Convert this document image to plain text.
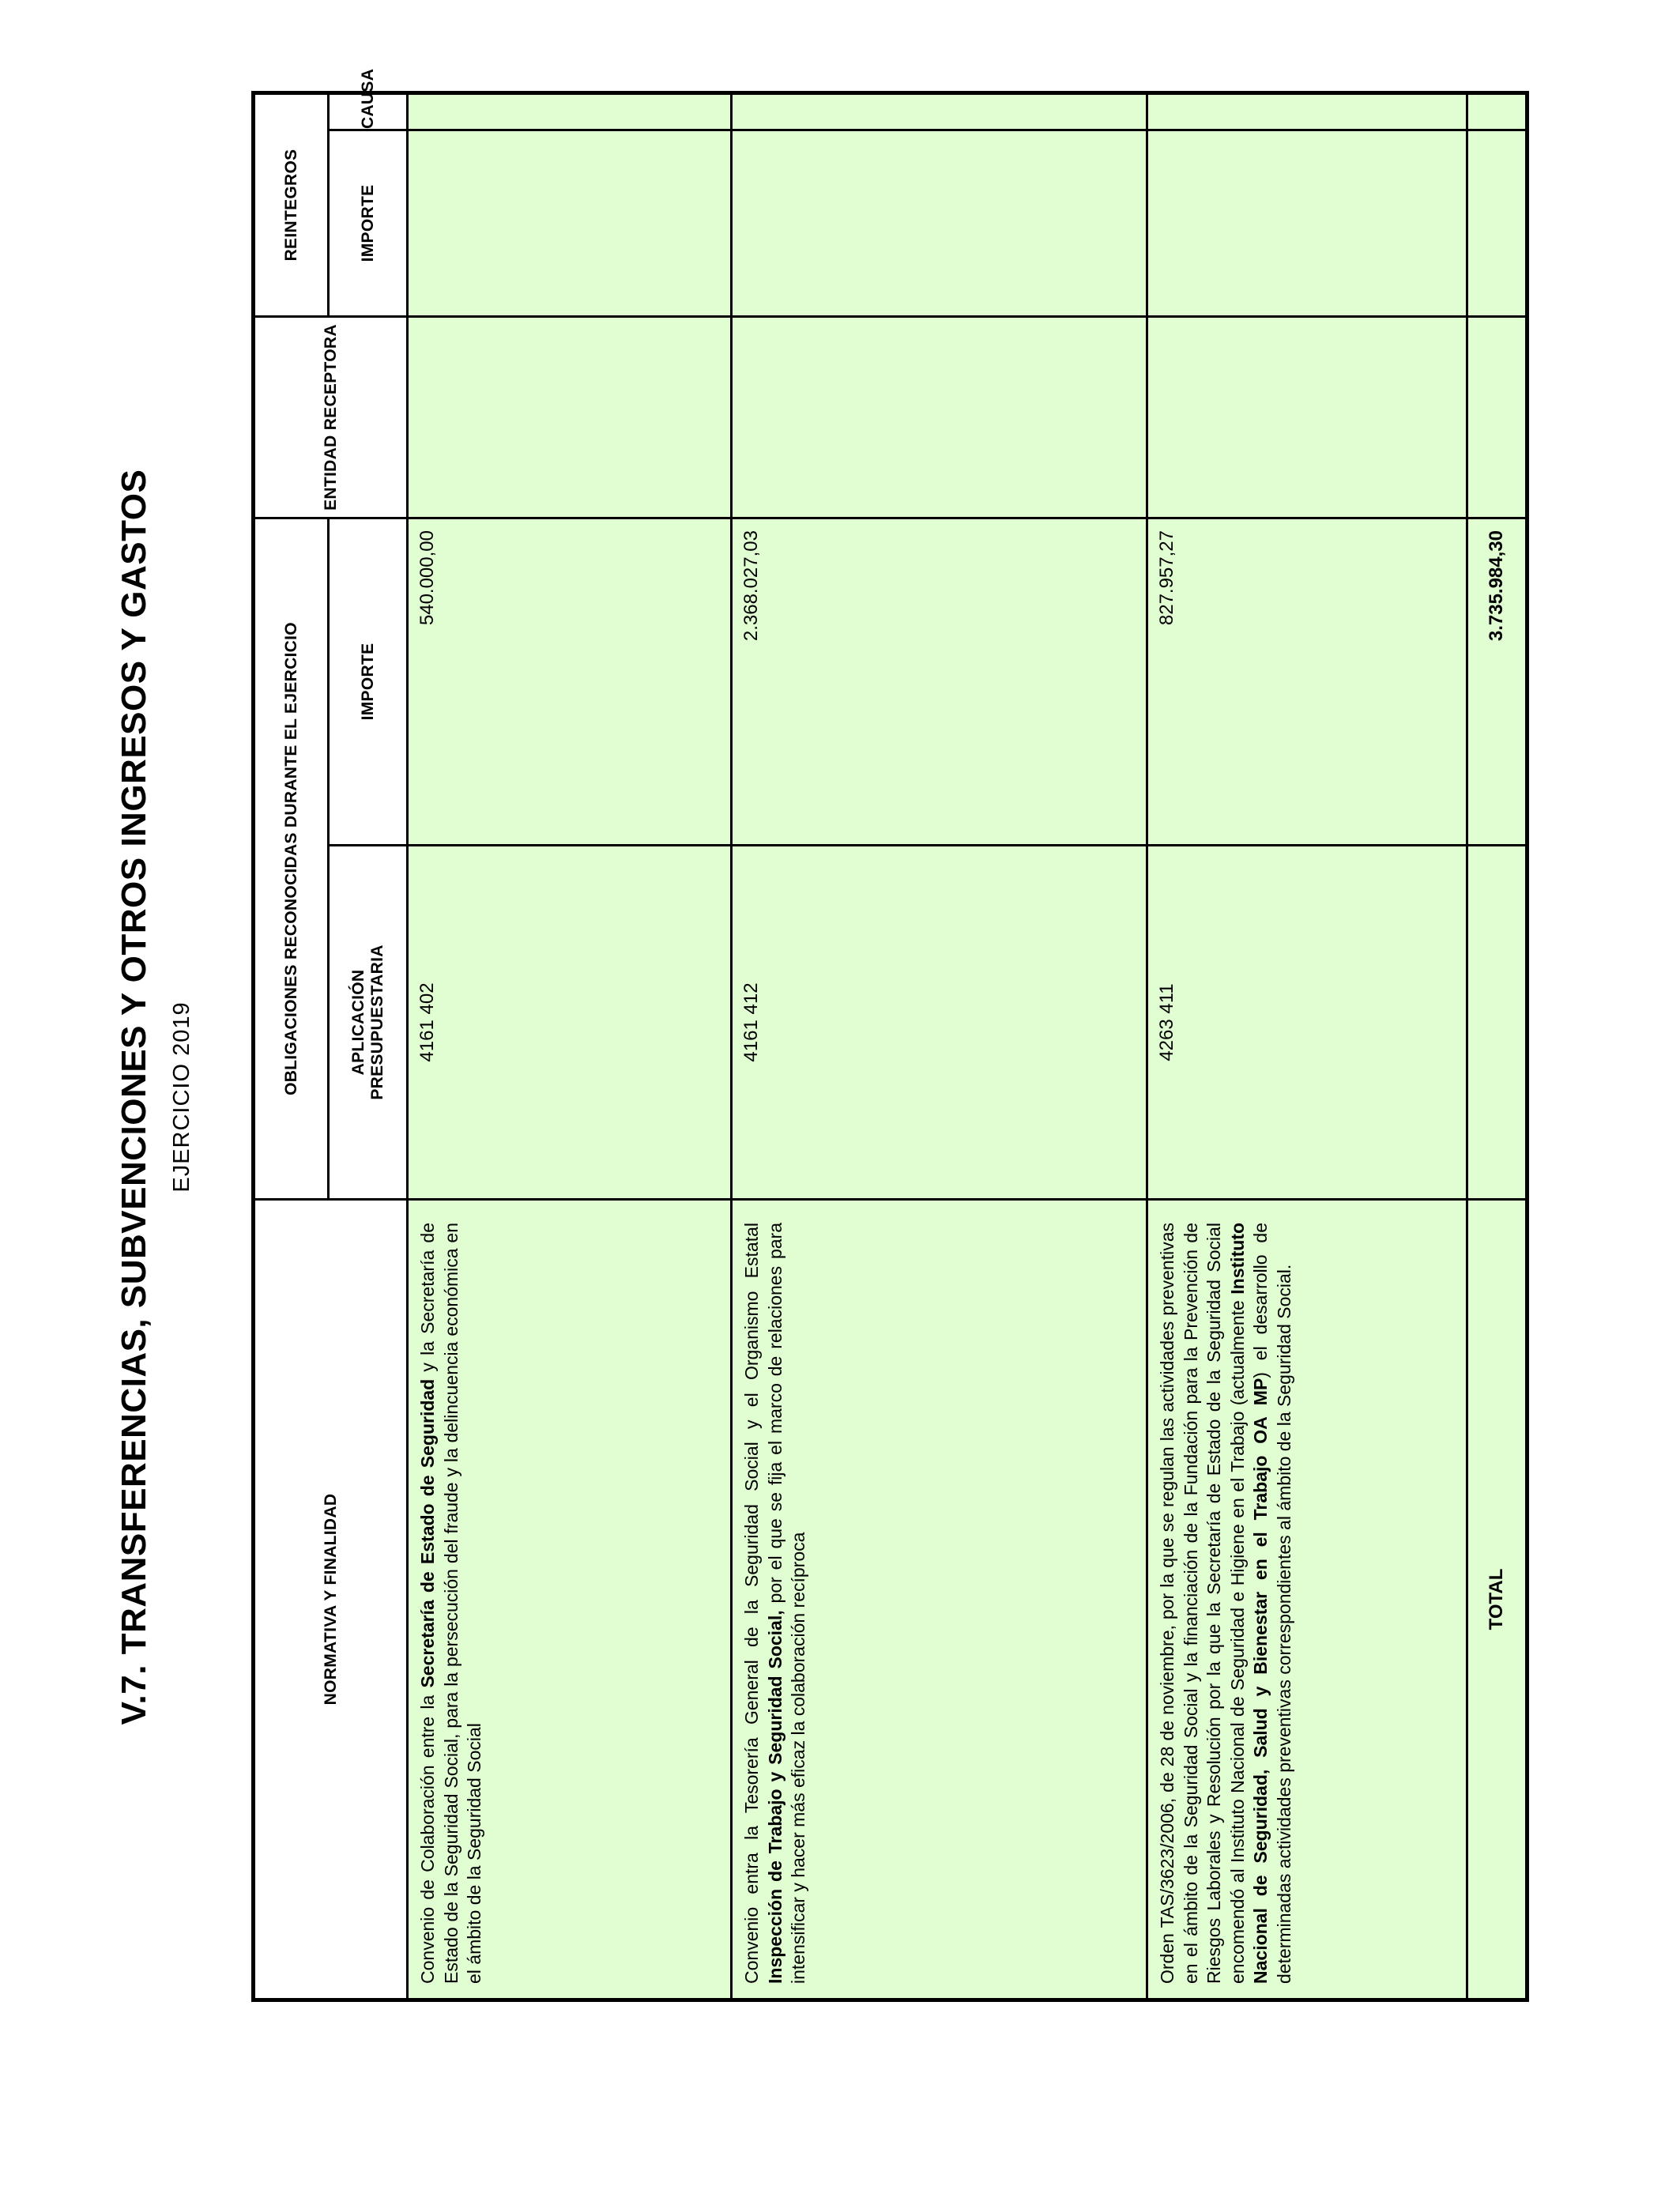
V.7. TRANSFERENCIAS, SUBVENCIONES Y OTROS INGRESOS Y GASTOS EJERCICIO 2019
NORMATIVA Y FINALIDAD	OBLIGACIONES RECONOCIDAS DURANTE EL EJERCICIO		ENTIDAD RECEPTORA	REINTEGROS	

	APLICACIÓN PRESUPUESTARIA	IMPORTE		IMPORTE	CAUSA

Convenio de Colaboración entre la Secretaría de Estado de Seguridad y la Secretaría de Estado de la Seguridad Social, para la persecución del fraude y la delincuencia económica en el ámbito de la Seguridad Social	4161 402	540.000,00			

Convenio entra la Tesorería General de la Seguridad Social y el Organismo Estatal Inspección de Trabajo y Seguridad Social, por el que se fija el marco de relaciones para intensificar y hacer más eficaz la colaboración recíproca	4161 412	2.368.027,03			

Orden TAS/3623/2006, de 28 de noviembre, por la que se regulan las actividades preventivas en el ámbito de la Seguridad Social y la financiación de la Fundación para la Prevención de Riesgos Laborales y Resolución por la que la Secretaría de Estado de la Seguridad Social encomendó al Instituto Nacional de Seguridad e Higiene en el Trabajo (actualmente Instituto Nacional de Seguridad, Salud y Bienestar en el Trabajo OA MP) el desarrollo de determinadas actividades preventivas correspondientes al ámbito de la Seguridad Social.	4263 411	827.957,27			
TOTAL		3.735.984,30			
